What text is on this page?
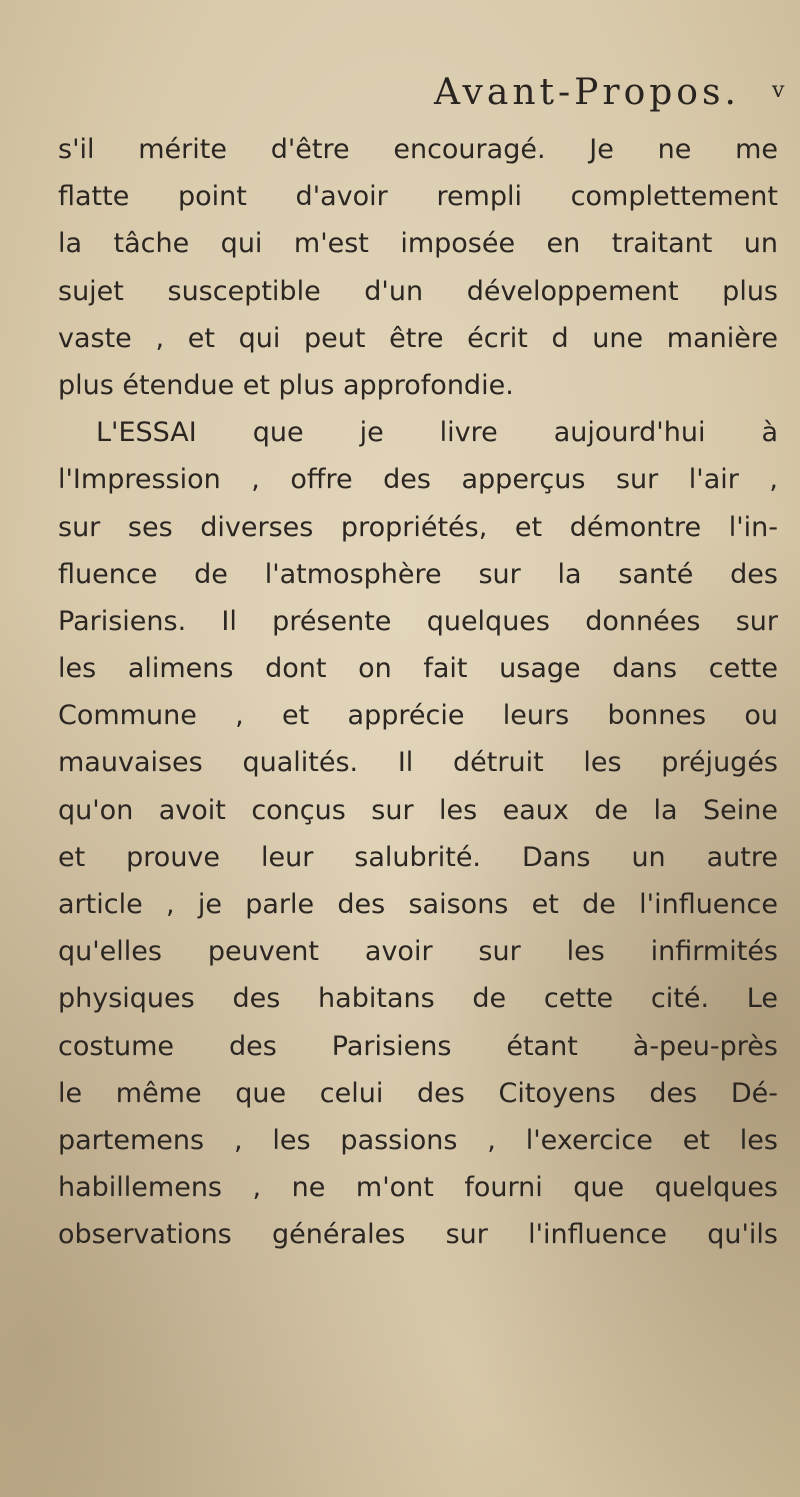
Avant-Propos. v
s'il mérite d'être encouragé. Je ne me
flatte point d'avoir rempli complettement
la tâche qui m'est imposée en traitant un
sujet susceptible d'un développement plus
vaste , et qui peut être écrit d une manière
plus étendue et plus approfondie.
L'ESSAI que je livre aujourd'hui à
l'Impression , offre des apperçus sur l'air ,
sur ses diverses propriétés, et démontre l'in-
fluence de l'atmosphère sur la santé des
Parisiens. Il présente quelques données sur
les alimens dont on fait usage dans cette
Commune , et apprécie leurs bonnes ou
mauvaises qualités. Il détruit les préjugés
qu'on avoit conçus sur les eaux de la Seine
et prouve leur salubrité. Dans un autre
article , je parle des saisons et de l'influence
qu'elles peuvent avoir sur les infirmités
physiques des habitans de cette cité. Le
costume des Parisiens étant à-peu-près
le même que celui des Citoyens des Dé-
partemens , les passions , l'exercice et les
habillemens , ne m'ont fourni que quelques
observations générales sur l'influence qu'ils
